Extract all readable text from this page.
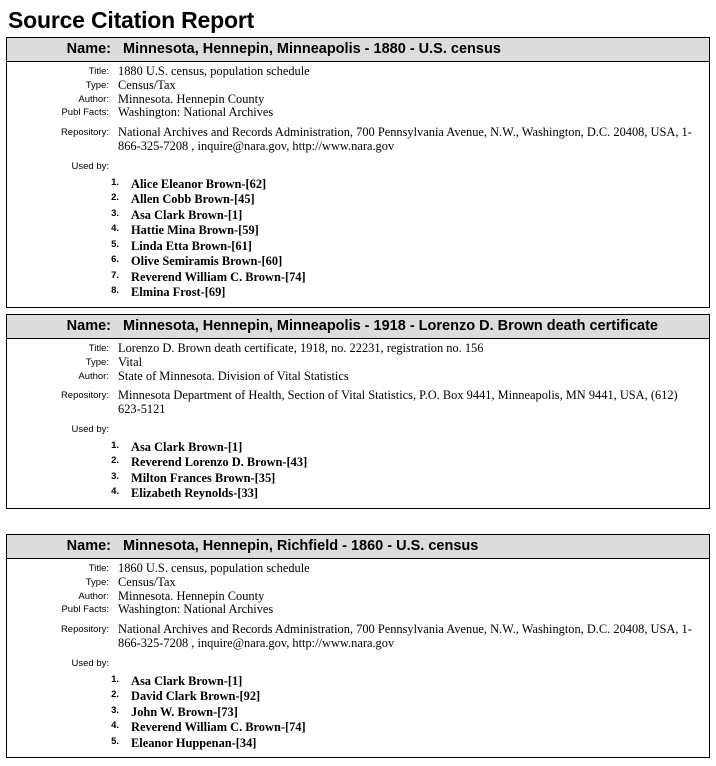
Source Citation Report
Name: Minnesota, Hennepin, Minneapolis - 1880 - U.S. census
Title: 1880 U.S. census, population schedule
Type: Census/Tax
Author: Minnesota. Hennepin County
Publ Facts: Washington: National Archives
Repository: National Archives and Records Administration, 700 Pennsylvania Avenue, N.W., Washington, D.C. 20408, USA, 1-866-325-7208 , inquire@nara.gov, http://www.nara.gov
Used by:
1. Alice Eleanor Brown-[62]
2. Allen Cobb Brown-[45]
3. Asa Clark Brown-[1]
4. Hattie Mina Brown-[59]
5. Linda Etta Brown-[61]
6. Olive Semiramis Brown-[60]
7. Reverend William C. Brown-[74]
8. Elmina Frost-[69]
Name: Minnesota, Hennepin, Minneapolis - 1918 - Lorenzo D. Brown death certificate
Title: Lorenzo D. Brown death certificate, 1918, no. 22231, registration no. 156
Type: Vital
Author: State of Minnesota. Division of Vital Statistics
Repository: Minnesota Department of Health, Section of Vital Statistics, P.O. Box 9441, Minneapolis, MN 9441, USA, (612) 623-5121
Used by:
1. Asa Clark Brown-[1]
2. Reverend Lorenzo D. Brown-[43]
3. Milton Frances Brown-[35]
4. Elizabeth Reynolds-[33]
Name: Minnesota, Hennepin, Richfield - 1860 - U.S. census
Title: 1860 U.S. census, population schedule
Type: Census/Tax
Author: Minnesota. Hennepin County
Publ Facts: Washington: National Archives
Repository: National Archives and Records Administration, 700 Pennsylvania Avenue, N.W., Washington, D.C. 20408, USA, 1-866-325-7208 , inquire@nara.gov, http://www.nara.gov
Used by:
1. Asa Clark Brown-[1]
2. David Clark Brown-[92]
3. John W. Brown-[73]
4. Reverend William C. Brown-[74]
5. Eleanor Huppenan-[34]
